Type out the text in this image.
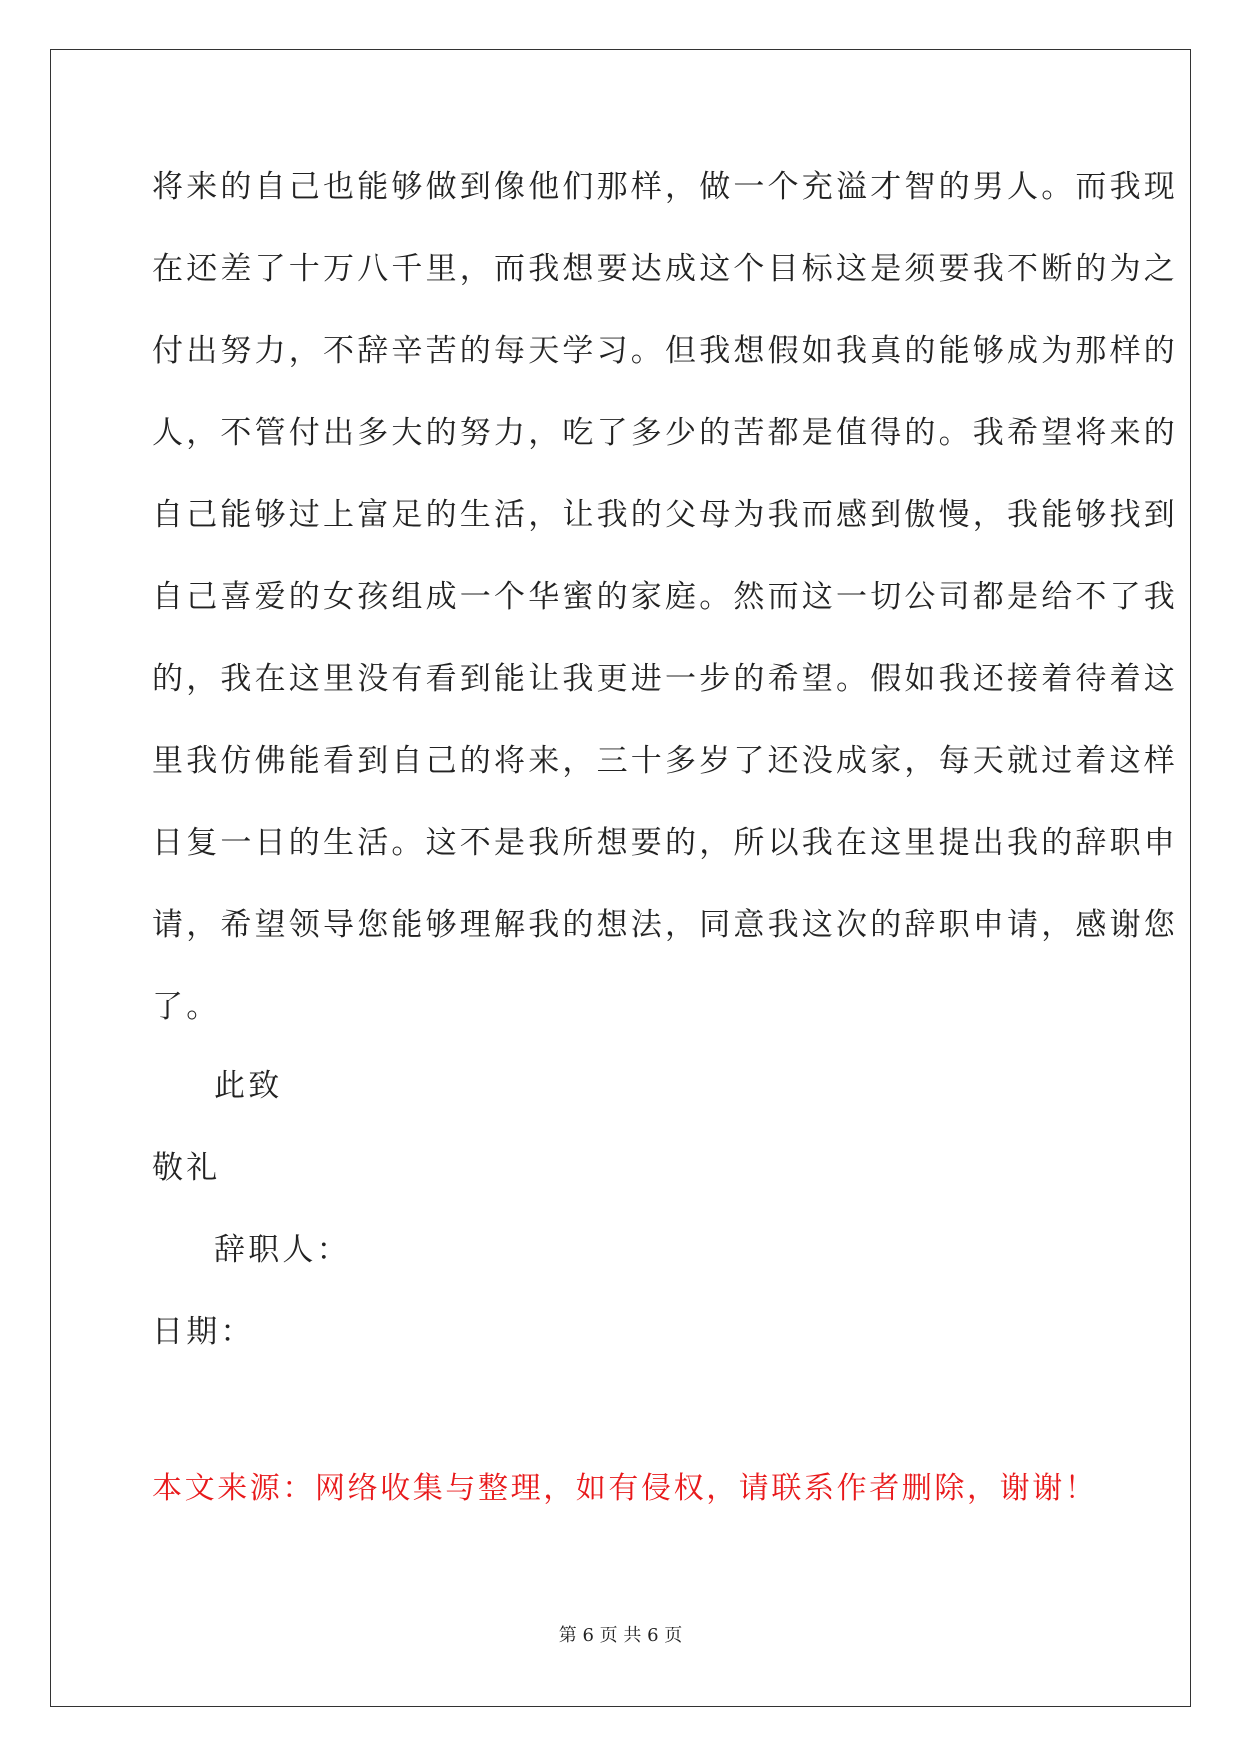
将来的自己也能够做到像他们那样，做一个充溢才智的男人。而我现
在还差了十万八千里，而我想要达成这个目标这是须要我不断的为之
付出努力，不辞辛苦的每天学习。但我想假如我真的能够成为那样的
人，不管付出多大的努力，吃了多少的苦都是值得的。我希望将来的
自己能够过上富足的生活，让我的父母为我而感到傲慢，我能够找到
自己喜爱的女孩组成一个华蜜的家庭。然而这一切公司都是给不了我
的，我在这里没有看到能让我更进一步的希望。假如我还接着待着这
里我仿佛能看到自己的将来，三十多岁了还没成家，每天就过着这样
日复一日的生活。这不是我所想要的，所以我在这里提出我的辞职申
请，希望领导您能够理解我的想法，同意我这次的辞职申请，感谢您
了。
此致
敬礼
辞职人：
日期：
本文来源：网络收集与整理，如有侵权，请联系作者删除，谢谢！
第 6 页 共 6 页
